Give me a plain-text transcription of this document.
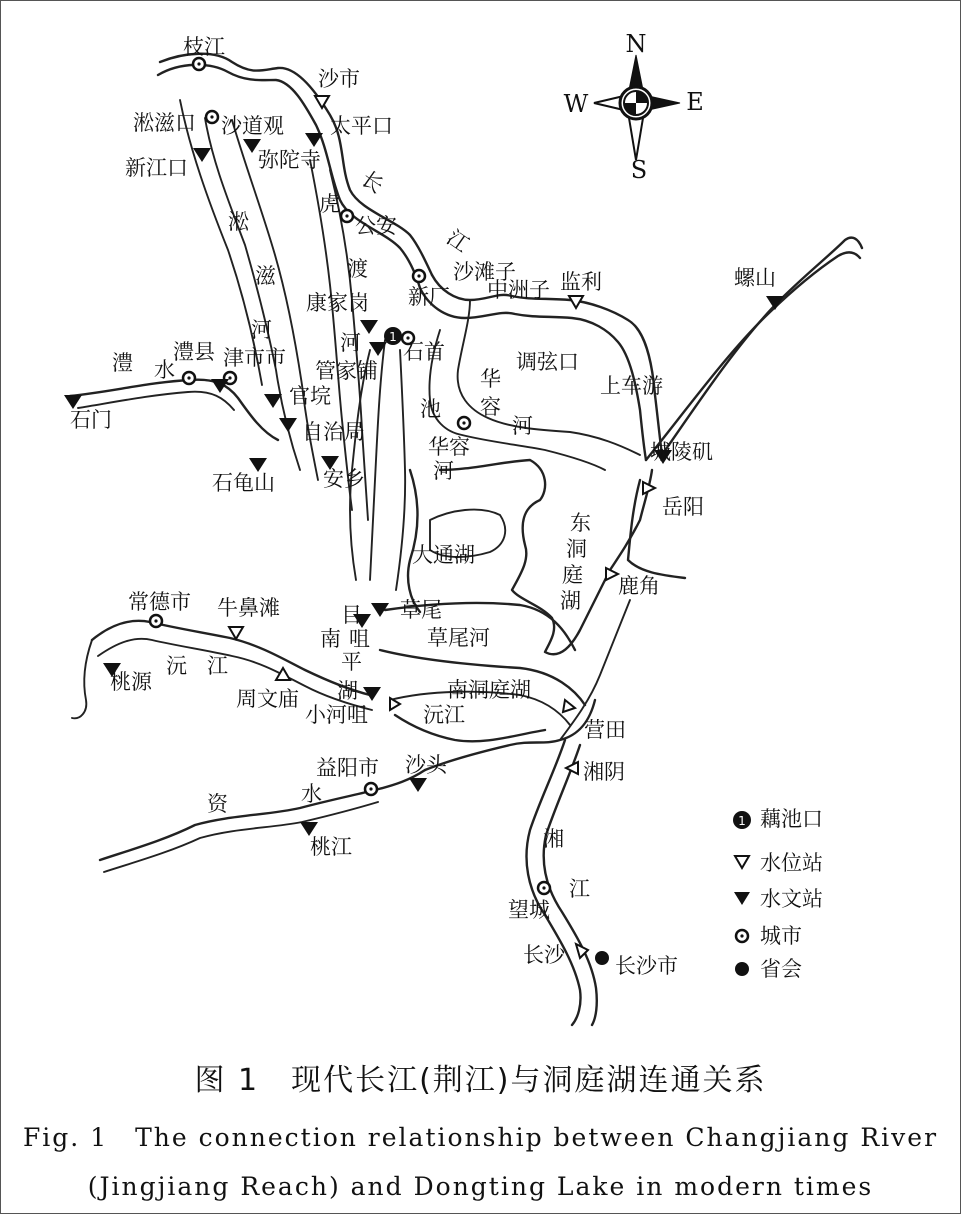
N
S
W	E
1
枝江
沙市
淞滋口 沙道观 太平口
新江口	弥陀寺
公安
新厂
沙滩子
中洲子 监利	螺山
康家岗
石首
管家铺
澧县 津市市
官垸
自治局
石门
石龟山 安乡
调弦口
上车游
华容	城陵矶
岳阳
大通湖
鹿角
常德市 牛鼻滩	草尾
草尾河
桃源
周文庙	南洞庭湖
小河咀
营田
益阳市 沙头	湘阴
桃江
望城
长沙 长沙市
长
虎
江
淞
滋
河
渡
河
澧 水
池
河
华
容
河
东
洞
庭
湖
南 咀
目
平
湖
沅 江
沅江
资	水
湘
江
1 藕池口
水位站
水文站
城市
省会
图 1　现代长江(荆江)与洞庭湖连通关系
Fig. 1　The connection relationship between Changjiang River
(Jingjiang Reach) and Dongting Lake in modern times
